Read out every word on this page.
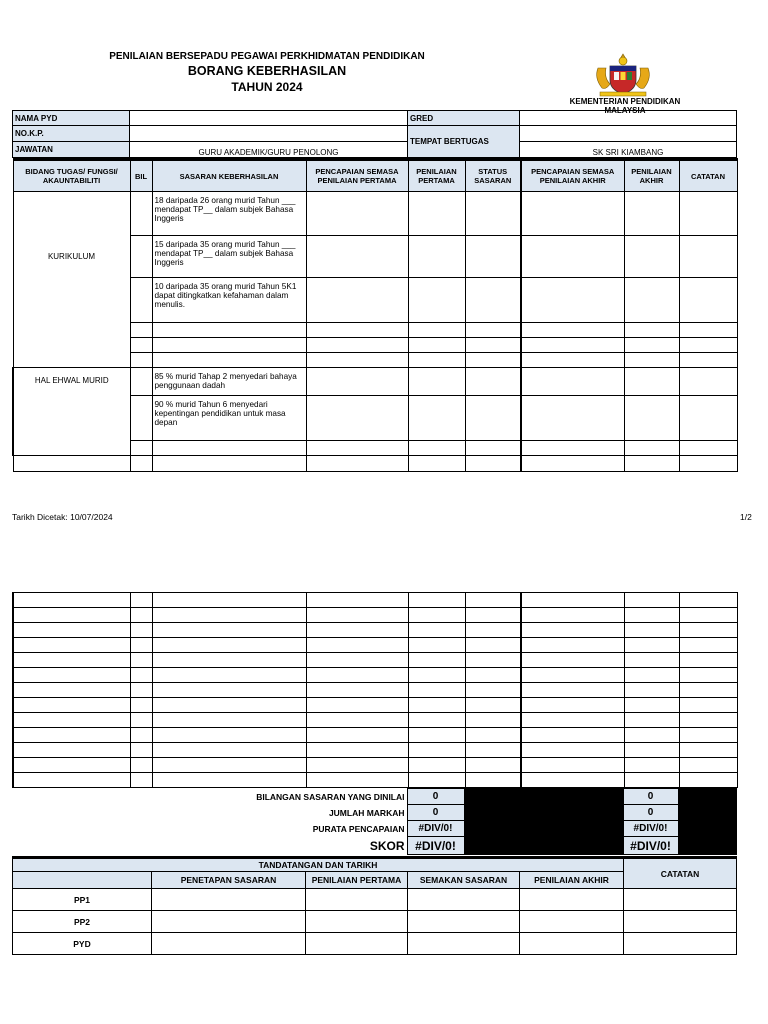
PENILAIAN BERSEPADU PEGAWAI PERKHIDMATAN PENDIDIKAN
BORANG KEBERHASILAN
TAHUN 2024
KEMENTERIAN PENDIDIKAN MALAYSIA
NAMA PYD		GRED	
NO.K.P.		TEMPAT BERTUGAS	
JAWATAN	GURU AKADEMIK/GURU PENOLONG		SK SRI KIAMBANG
BIDANG TUGAS/ FUNGSI/ AKAUNTABILITI	BIL	SASARAN KEBERHASILAN	PENCAPAIAN SEMASA PENILAIAN PERTAMA	PENILAIAN PERTAMA	STATUS SASARAN	PENCAPAIAN SEMASA PENILAIAN AKHIR	PENILAIAN AKHIR	CATATAN
KURIKULUM		18 daripada 26 orang murid Tahun ___ mendapat TP__ dalam subjek Bahasa Inggeris						
		15 daripada 35 orang murid Tahun ___ mendapat TP__ dalam subjek Bahasa Inggeris						
		10 daripada 35 orang murid Tahun 5K1 dapat ditingkatkan kefahaman dalam menulis.						

HAL EHWAL MURID		85 % murid Tahap 2 menyedari bahaya penggunaan dadah						
		90 % murid Tahun 6 menyedari kepentingan pendidikan untuk masa depan						

Tarikh Dicetak: 10/07/2024	1/2

BILANGAN SASARAN YANG DINILAI	0		0	
JUMLAH MARKAH	0		0	
PURATA PENCAPAIAN	#DIV/0!		#DIV/0!	
SKOR	#DIV/0!		#DIV/0!	
TANDATANGAN DAN TARIKH					CATATAN
	PENETAPAN SASARAN	PENILAIAN PERTAMA	SEMAKAN SASARAN	PENILAIAN AKHIR	
PP1					
PP2					
PYD					
